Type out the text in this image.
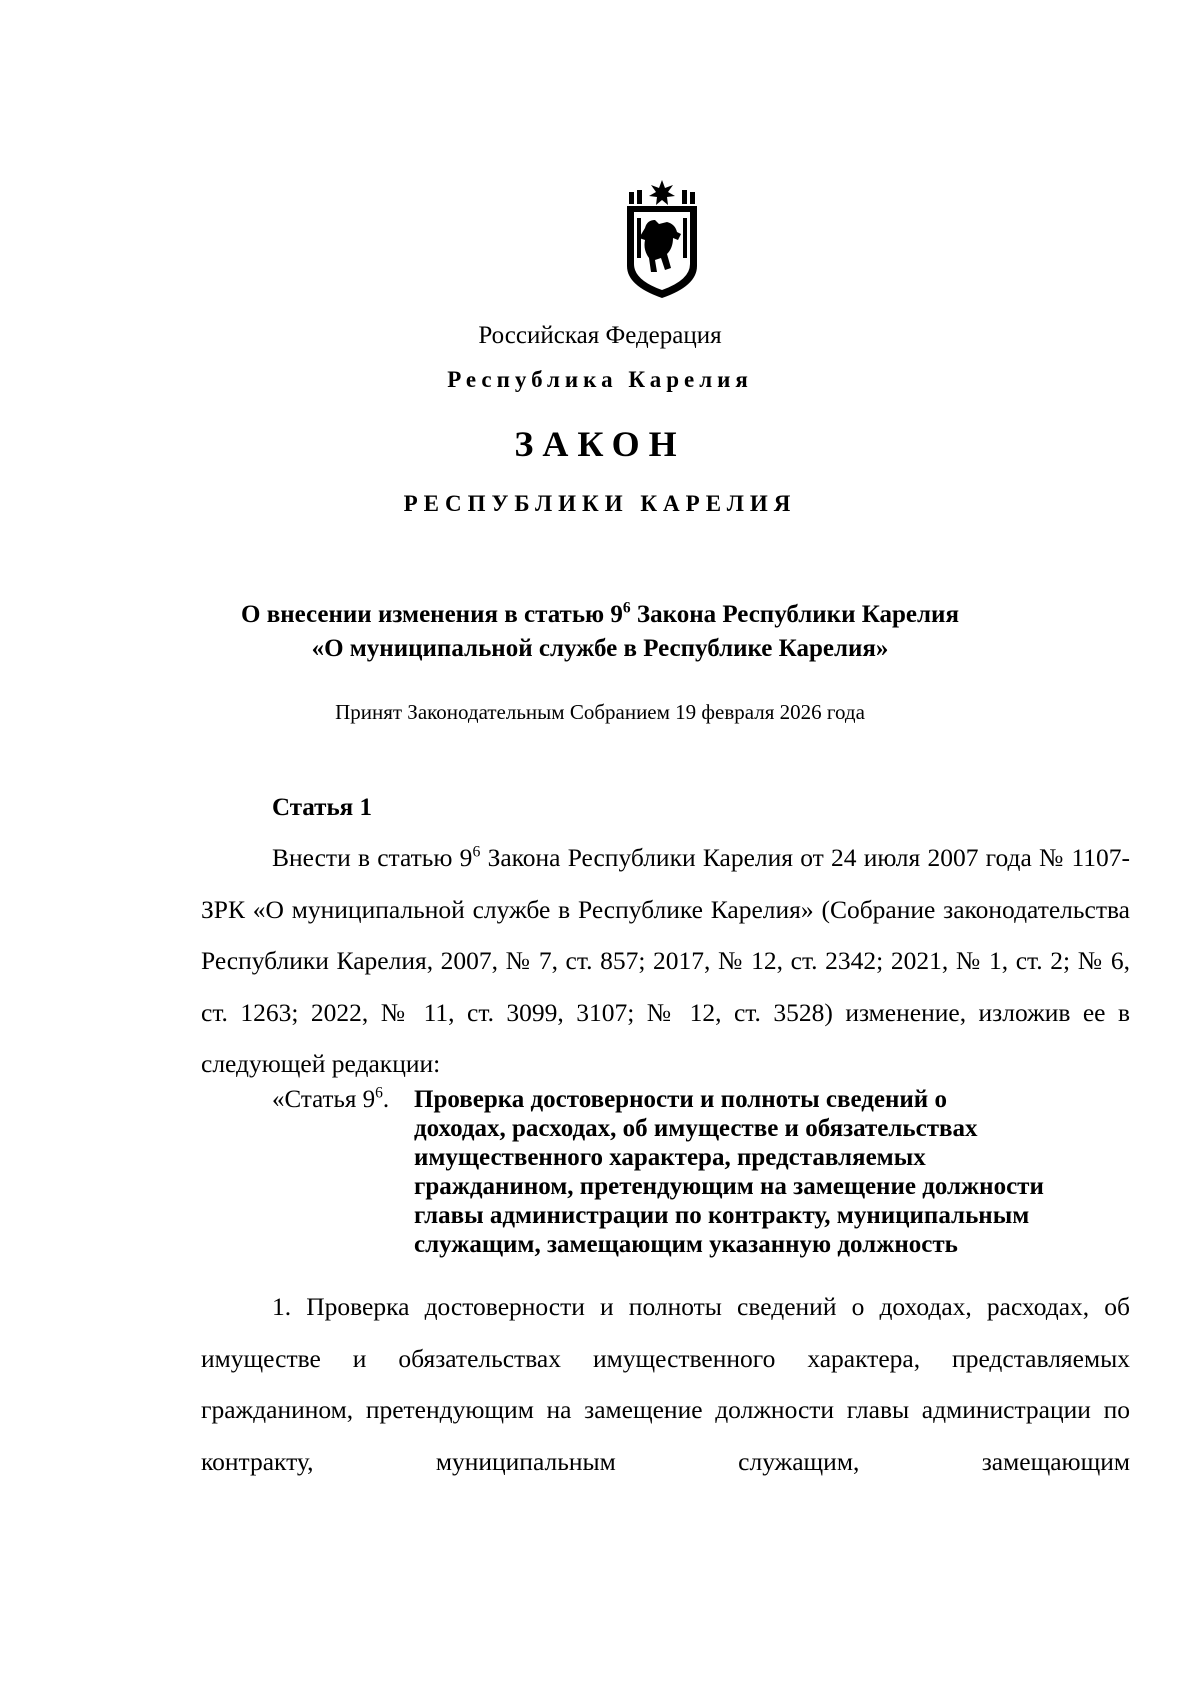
Российская Федерация
Республика Карелия
ЗАКОН
РЕСПУБЛИКИ КАРЕЛИЯ
О внесении изменения в статью $9^6$ Закона Республики Карелия
«О муниципальной службе в Республике Карелия»
Принят Законодательным Собранием 19 февраля 2026 года
Статья 1
Внести в статью $9^6$ Закона Республики Карелия от 24 июля 2007 года № 1107-ЗРК «О муниципальной службе в Республике Карелия» (Собрание законодательства Республики Карелия, 2007, № 7, ст. 857; 2017, № 12, ст. 2342; 2021, № 1, ст. 2; № 6, ст. 1263; 2022, № 11, ст. 3099, 3107; № 12, ст. 3528) изменение, изложив ее в следующей редакции:
«Статья $9^6$. Проверка достоверности и полноты сведений о
доходах, расходах, об имуществе и обязательствах
имущественного характера, представляемых
гражданином, претендующим на замещение должности
главы администрации по контракту, муниципальным
служащим, замещающим указанную должность
1. Проверка достоверности и полноты сведений о доходах, расходах, об имуществе и обязательствах имущественного характера, представляемых гражданином, претендующим на замещение должности главы администрации по контракту, муниципальным служащим, замещающим
